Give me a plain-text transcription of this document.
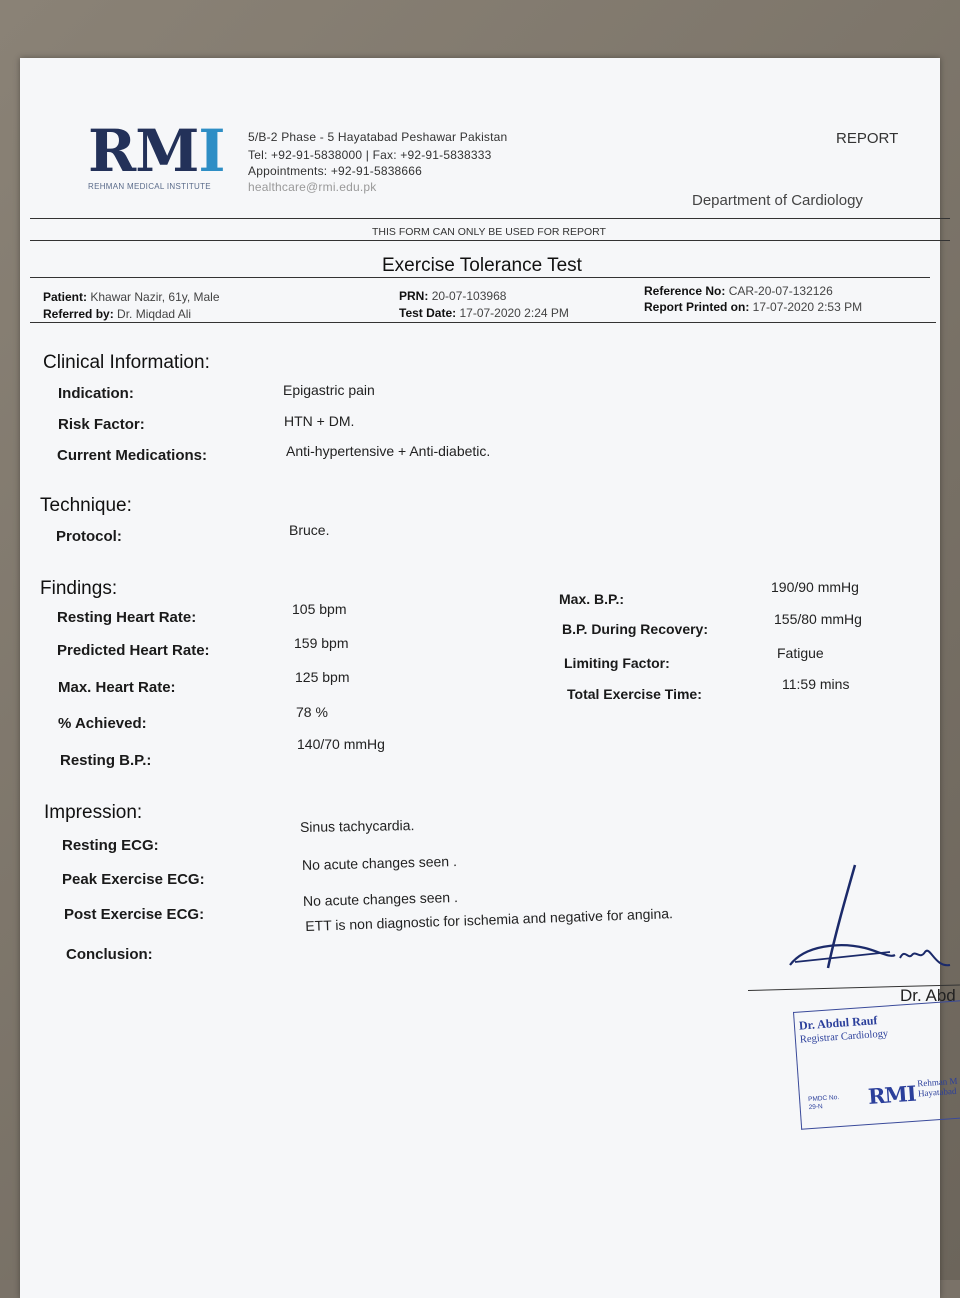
RMI
REHMAN MEDICAL INSTITUTE
5/B-2 Phase - 5 Hayatabad Peshawar Pakistan
Tel: +92-91-5838000 | Fax: +92-91-5838333
Appointments: +92-91-5838666
healthcare@rmi.edu.pk
REPORT
Department of Cardiology
THIS FORM CAN ONLY BE USED FOR REPORT
Exercise Tolerance Test
Patient: Khawar Nazir, 61y, Male
Referred by: Dr. Miqdad Ali
PRN: 20-07-103968
Test Date: 17-07-2020 2:24 PM
Reference No: CAR-20-07-132126
Report Printed on: 17-07-2020 2:53 PM
Clinical Information:
Indication:	Epigastric pain
Risk Factor:	HTN + DM.
Current Medications:	Anti-hypertensive + Anti-diabetic.
Technique:
Protocol:	Bruce.
Findings:
Resting Heart Rate:	105 bpm
Predicted Heart Rate:	159 bpm
Max. Heart Rate:
125 bpm
% Achieved:
78 %
Resting B.P.:
140/70 mmHg
Max. B.P.:
190/90 mmHg
B.P. During Recovery:
155/80 mmHg
Limiting Factor:
Fatigue
Total Exercise Time:
11:59 mins
Impression:
Resting ECG:
Sinus tachycardia.
Peak Exercise ECG:
No acute changes seen .
Post Exercise ECG:
No acute changes seen .
Conclusion:
ETT is non diagnostic for ischemia and negative for angina.
Dr. Abd
Dr. Abdul Rauf
Registrar Cardiology
PMDC No.
29-N	RMI Rehman M
Hayatabad
